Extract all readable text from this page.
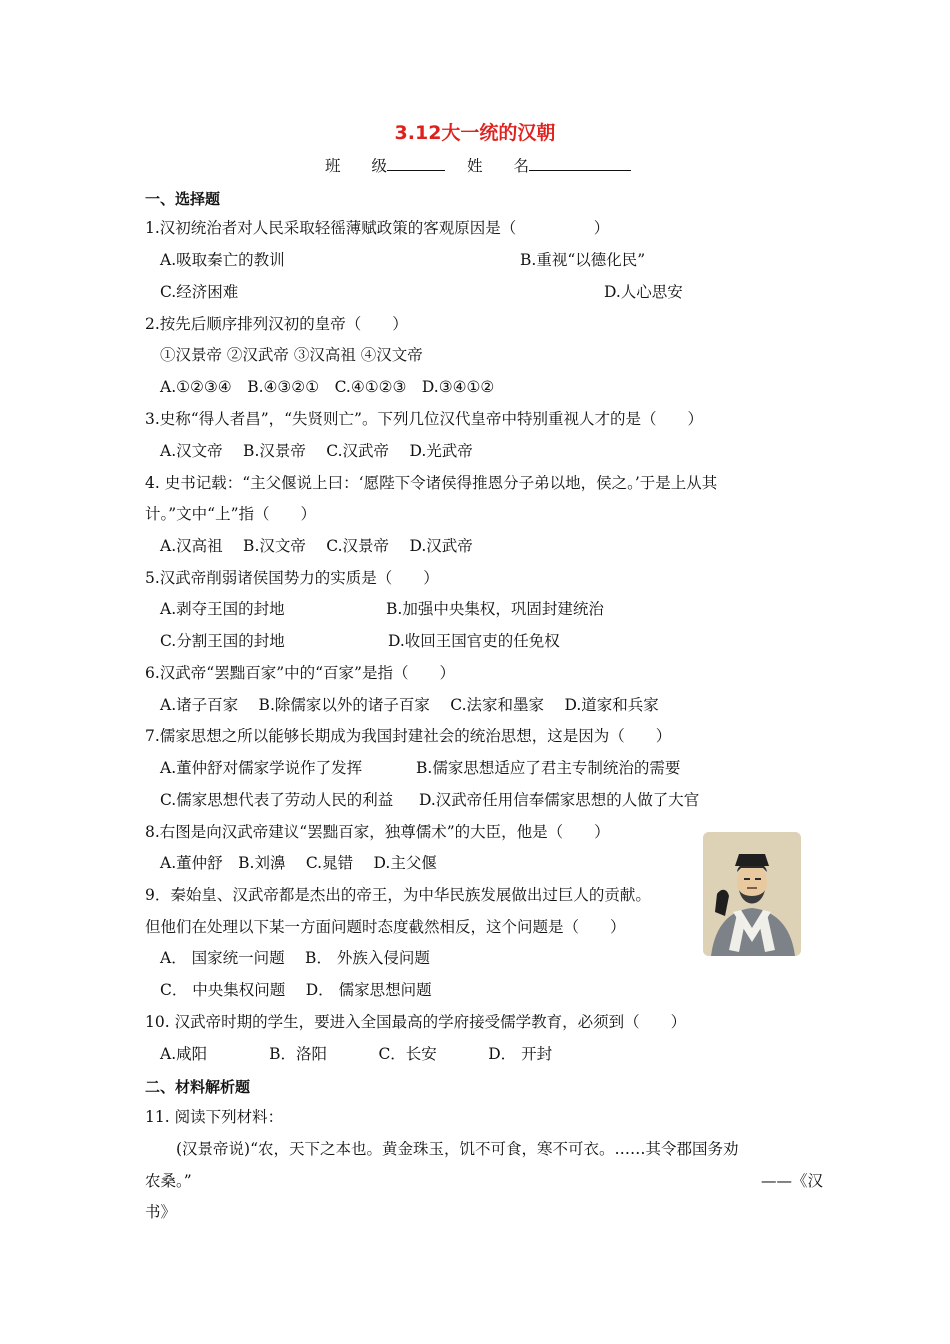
3.12大一统的汉朝
班　　级	姓　　名
一、选择题
1.汉初统治者对人民采取轻徭薄赋政策的客观原因是（　　　　　）
A.吸取秦亡的教训	B.重视“以德化民”
C.经济困难	D.人心思安
2.按先后顺序排列汉初的皇帝（　　）
①汉景帝 ②汉武帝 ③汉高祖 ④汉文帝
A.①②③④　B.④③②①　C.④①②③　D.③④①②
3.史称“得人者昌”，“失贤则亡”。下列几位汉代皇帝中特别重视人才的是（　　）
A.汉文帝　 B.汉景帝　 C.汉武帝　 D.光武帝
4. 史书记载：“主父偃说上曰：‘愿陛下令诸侯得推恩分子弟以地，侯之。’于是上从其
计。”文中“上”指（　　）
A.汉高祖　 B.汉文帝　 C.汉景帝　 D.汉武帝
5.汉武帝削弱诸侯国势力的实质是（　　）
A.剥夺王国的封地	B.加强中央集权，巩固封建统治
C.分割王国的封地	D.收回王国官吏的任免权
6.汉武帝“罢黜百家”中的“百家”是指（　　）
A.诸子百家　 B.除儒家以外的诸子百家　 C.法家和墨家　 D.道家和兵家
7.儒家思想之所以能够长期成为我国封建社会的统治思想，这是因为（　　）
A.董仲舒对儒家学说作了发挥	B.儒家思想适应了君主专制统治的需要
C.儒家思想代表了劳动人民的利益 D.汉武帝任用信奉儒家思想的人做了大官
8.右图是向汉武帝建议“罢黜百家，独尊儒术”的大臣，他是（　　）
A.董仲舒　B.刘濞　 C.晁错　 D.主父偃
9．秦始皇、汉武帝都是杰出的帝王，为中华民族发展做出过巨人的贡献。
但他们在处理以下某一方面问题时态度截然相反，这个问题是（　　）
A． 国家统一问题　 B． 外族入侵问题
C． 中央集权问题　 D． 儒家思想问题
10. 汉武帝时期的学生，要进入全国最高的学府接受儒学教育，必须到（　　）
A.咸阳　　　　B．洛阳　　　 C．长安　　　 D． 开封
二、材料解析题
11. 阅读下列材料：
(汉景帝说)“农，天下之本也。黄金珠玉，饥不可食，寒不可衣。……其令郡国务劝
农桑。”	——《汉
书》
